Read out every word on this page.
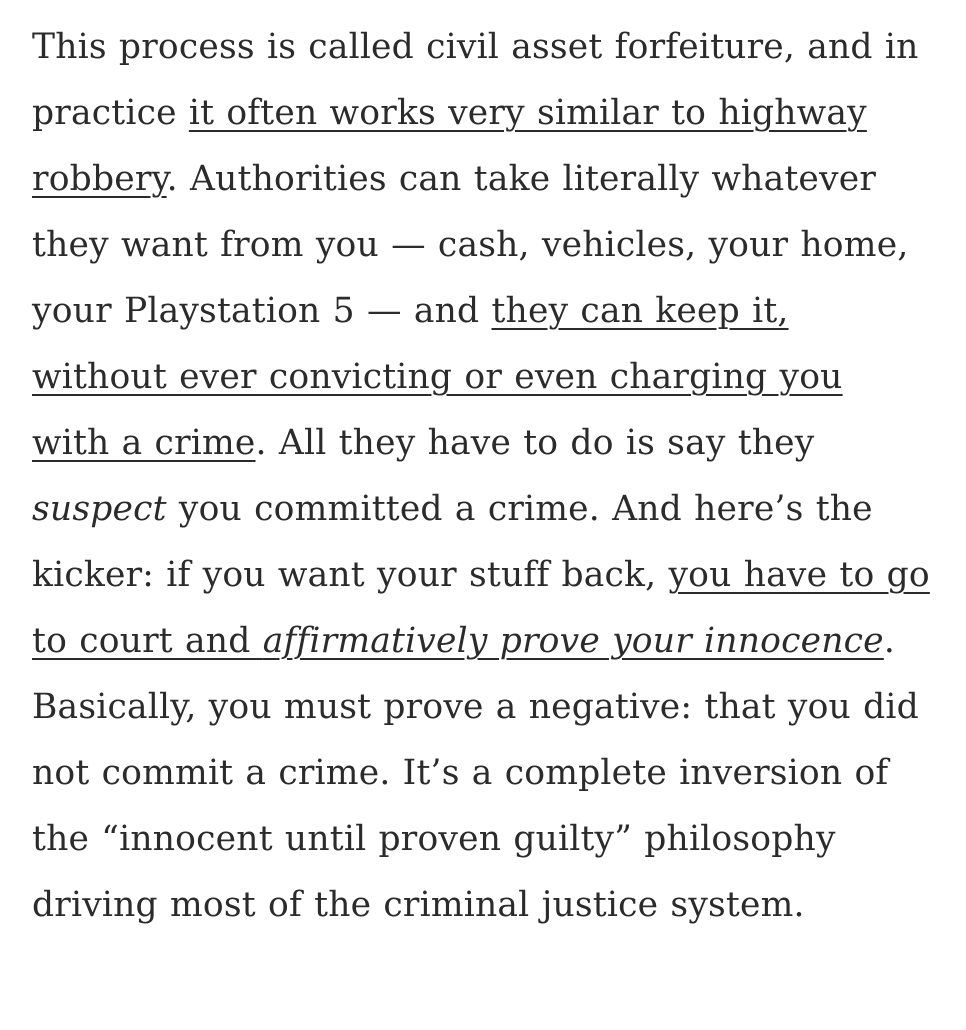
This process is called civil asset forfeiture, and in practice it often works very similar to highway robbery. Authorities can take literally whatever they want from you — cash, vehicles, your home, your Playstation 5 — and they can keep it, without ever convicting or even charging you with a crime. All they have to do is say they suspect you committed a crime. And here’s the kicker: if you want your stuff back, you have to go to court and affirmatively prove your innocence. Basically, you must prove a negative: that you did not commit a crime. It’s a complete inversion of the “innocent until proven guilty” philosophy driving most of the criminal justice system.
